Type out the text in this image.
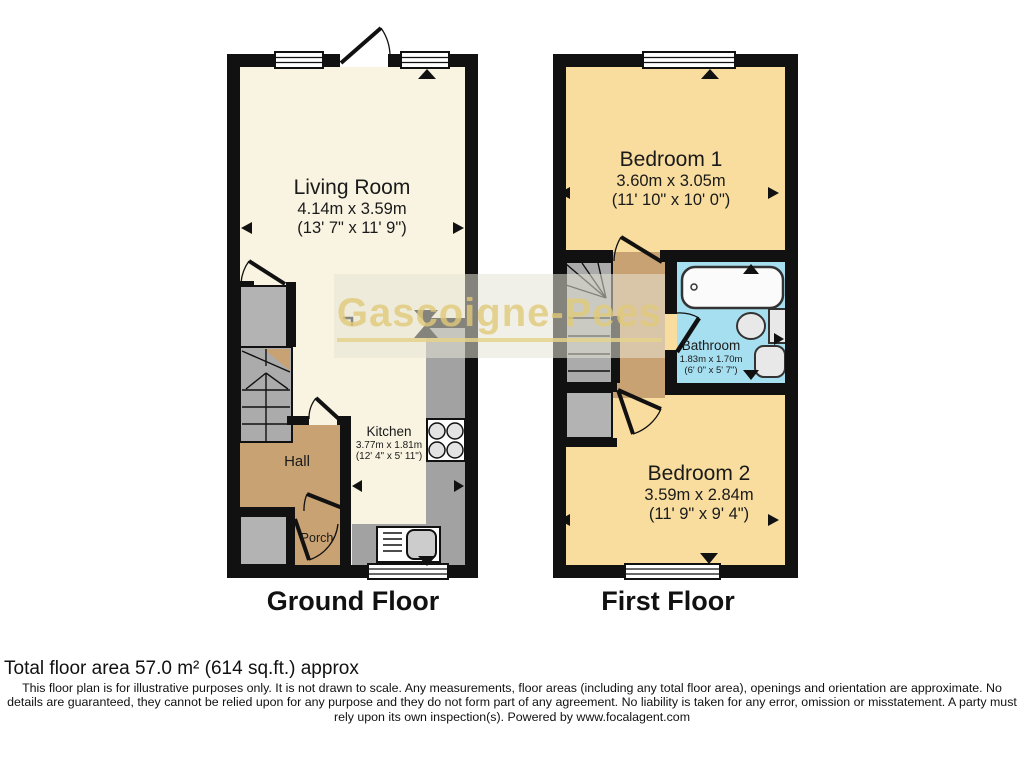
Gascoigne-Pees
Living Room
4.14m x 3.59m
(13' 7" x 11' 9")
Kitchen
3.77m x 1.81m
(12' 4" x 5' 11")
Hall
Porch
Bedroom 1
3.60m x 3.05m
(11' 10" x 10' 0")
Bathroom
1.83m x 1.70m
(6' 0" x 5' 7")
Bedroom 2
3.59m x 2.84m
(11' 9" x 9' 4")
Ground Floor	First Floor
Total floor area 57.0 m² (614 sq.ft.) approx
This floor plan is for illustrative purposes only. It is not drawn to scale. Any measurements, floor areas (including any total floor area), openings and orientation are approximate. No details are guaranteed, they cannot be relied upon for any purpose and they do not form part of any agreement. No liability is taken for any error, omission or misstatement. A party must rely upon its own inspection(s). Powered by www.focalagent.com
